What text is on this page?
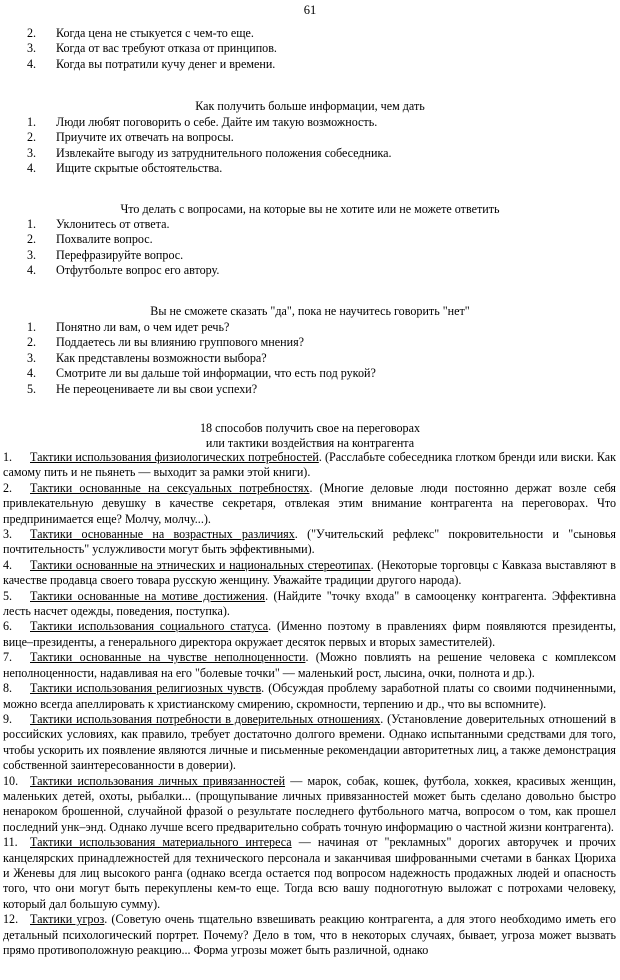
61
2. Когда цена не стыкуется с чем-то еще.
3. Когда от вас требуют отказа от принципов.
4. Когда вы потратили кучу денег и времени.
Как получить больше информации, чем дать
1. Люди любят поговорить о себе. Дайте им такую возможность.
2. Приучите их отвечать на вопросы.
3. Извлекайте выгоду из затруднительного положения собеседника.
4. Ищите скрытые обстоятельства.
Что делать с вопросами, на которые вы не хотите или не можете ответить
1. Уклонитесь от ответа.
2. Похвалите вопрос.
3. Перефразируйте вопрос.
4. Отфутбольте вопрос его автору.
Вы не сможете сказать "да", пока не научитесь говорить "нет"
1. Понятно ли вам, о чем идет речь?
2. Поддаетесь ли вы влиянию группового мнения?
3. Как представлены возможности выбора?
4. Смотрите ли вы дальше той информации, что есть под рукой?
5. Не переоцениваете ли вы свои успехи?
18 способов получить свое на переговорах
или тактики воздействия на контрагента

1. Тактики использования физиологических потребностей. (Расслабьте собеседника глотком бренди или виски. Как самому пить и не пьянеть — выходит за рамки этой книги).

2. Тактики основанные на сексуальных потребностях. (Многие деловые люди постоянно держат возле себя привлекательную девушку в качестве секретаря, отвлекая этим внимание контрагента на переговорах. Что предпринимается еще? Молчу, молчу...).

3. Тактики основанные на возрастных различиях. ("Учительский рефлекс" покровительности и "сыновья почтительность" услужливости могут быть эффективными).

4. Тактики основанные на этнических и национальных стереотипах. (Некоторые торговцы с Кавказа выставляют в качестве продавца своего товара русскую женщину. Уважайте традиции другого народа).

5. Тактики основанные на мотиве достижения. (Найдите "точку входа" в самооценку контрагента. Эффективна лесть насчет одежды, поведения, поступка).

6. Тактики использования социального статуса. (Именно поэтому в правлениях фирм появляются президенты, вице–президенты, а генерального директора окружает десяток первых и вторых заместителей).

7. Тактики основанные на чувстве неполноценности. (Можно повлиять на решение человека с комплексом неполноценности, надавливая на его "болевые точки" — маленький рост, лысина, очки, полнота и др.).

8. Тактики использования религиозных чувств. (Обсуждая проблему заработной платы со своими подчиненными, можно всегда апеллировать к христианскому смирению, скромности, терпению и др., что вы вспомните).

9. Тактики использования потребности в доверительных отношениях. (Установление доверительных отношений в российских условиях, как правило, требует достаточно долгого времени. Однако испытанными средствами для того, чтобы ускорить их появление являются личные и письменные рекомендации авторитетных лиц, а также демонстрация собственной заинтересованности в доверии).

10. Тактики использования личных привязанностей — марок, собак, кошек, футбола, хоккея, красивых женщин, маленьких детей, охоты, рыбалки... (прощупывание личных привязанностей может быть сделано довольно быстро ненароком брошенной, случайной фразой о результате последнего футбольного матча, вопросом о том, как прошел последний унк–энд. Однако лучше всего предварительно собрать точную информацию о частной жизни контрагента).

11. Тактики использования материального интереса — начиная от "рекламных" дорогих авторучек и прочих канцелярских принадлежностей для технического персонала и заканчивая шифрованными счетами в банках Цюриха и Женевы для лиц высокого ранга (однако всегда остается под вопросом надежность продажных людей и опасность того, что они могут быть перекуплены кем-то еще. Тогда всю вашу подноготную выложат с потрохами человеку, который дал большую сумму).

12. Тактики угроз. (Советую очень тщательно взвешивать реакцию контрагента, а для этого необходимо иметь его детальный психологический портрет. Почему? Дело в том, что в некоторых случаях, бывает, угроза может вызвать прямо противоположную реакцию... Форма угрозы может быть различной, однако
